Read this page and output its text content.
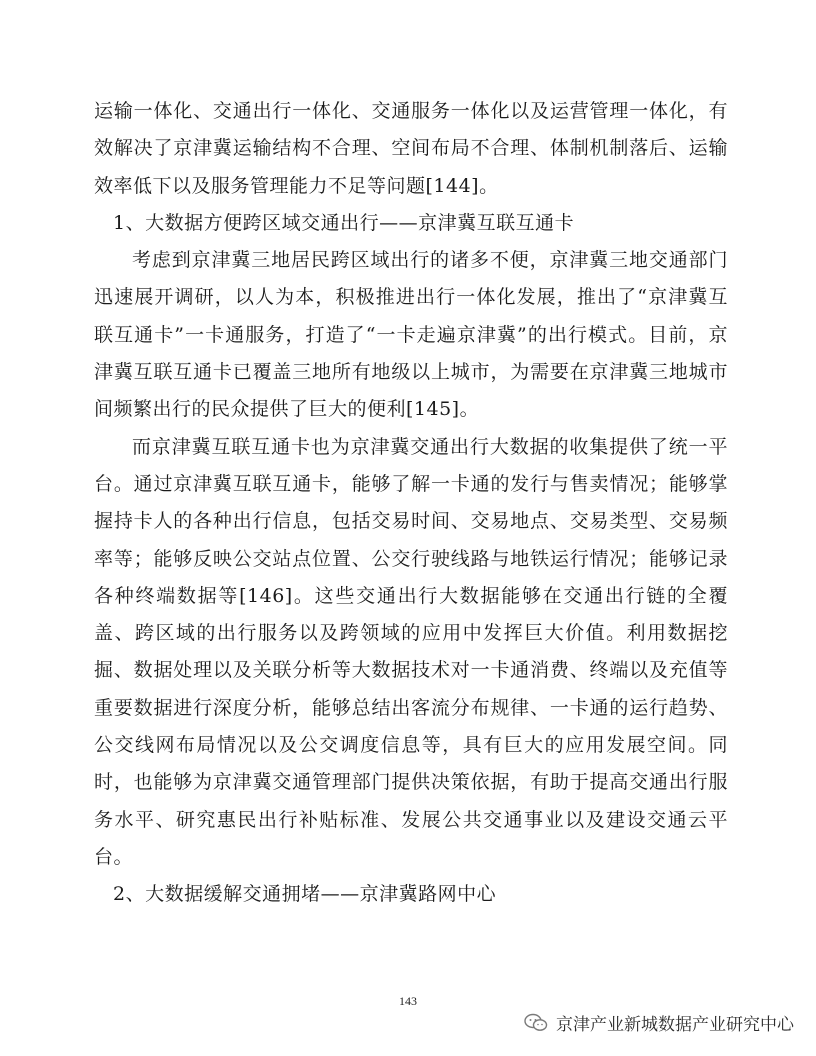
运输一体化、交通出行一体化、交通服务一体化以及运营管理一体化，有效解决了京津冀运输结构不合理、空间布局不合理、体制机制落后、运输效率低下以及服务管理能力不足等问题[144]。

1、大数据方便跨区域交通出行——京津冀互联互通卡

考虑到京津冀三地居民跨区域出行的诸多不便，京津冀三地交通部门迅速展开调研，以人为本，积极推进出行一体化发展，推出了“京津冀互联互通卡”一卡通服务，打造了“一卡走遍京津冀”的出行模式。目前，京津冀互联互通卡已覆盖三地所有地级以上城市，为需要在京津冀三地城市间频繁出行的民众提供了巨大的便利[145]。

而京津冀互联互通卡也为京津冀交通出行大数据的收集提供了统一平台。通过京津冀互联互通卡，能够了解一卡通的发行与售卖情况；能够掌握持卡人的各种出行信息，包括交易时间、交易地点、交易类型、交易频率等；能够反映公交站点位置、公交行驶线路与地铁运行情况；能够记录各种终端数据等[146]。这些交通出行大数据能够在交通出行链的全覆盖、跨区域的出行服务以及跨领域的应用中发挥巨大价值。利用数据挖掘、数据处理以及关联分析等大数据技术对一卡通消费、终端以及充值等重要数据进行深度分析，能够总结出客流分布规律、一卡通的运行趋势、公交线网布局情况以及公交调度信息等，具有巨大的应用发展空间。同时，也能够为京津冀交通管理部门提供决策依据，有助于提高交通出行服务水平、研究惠民出行补贴标准、发展公共交通事业以及建设交通云平台。

2、大数据缓解交通拥堵——京津冀路网中心

143
京津产业新城数据产业研究中心
